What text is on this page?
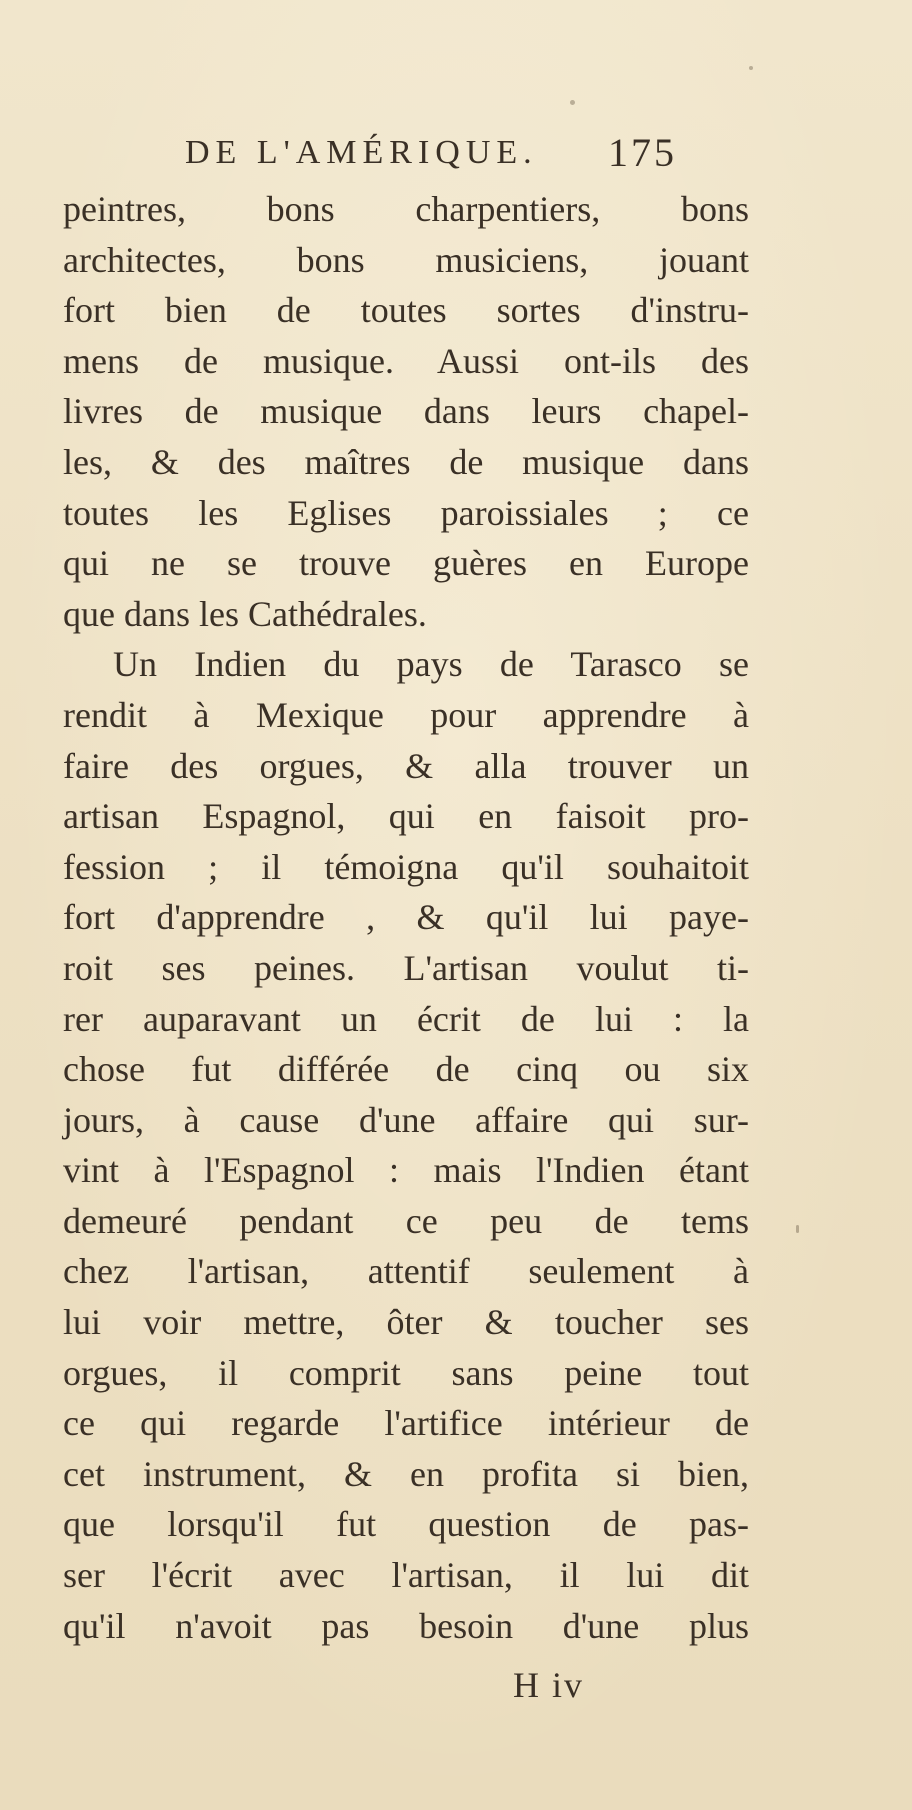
DE L'AMÉRIQUE. 175
peintres, bons charpentiers, bons
architectes, bons musiciens, jouant
fort bien de toutes sortes d'instru-
mens de musique. Aussi ont-ils des
livres de musique dans leurs chapel-
les, & des maîtres de musique dans
toutes les Eglises paroissiales ; ce
qui ne se trouve guères en Europe
que dans les Cathédrales.
Un Indien du pays de Tarasco se
rendit à Mexique pour apprendre à
faire des orgues, & alla trouver un
artisan Espagnol, qui en faisoit pro-
fession ; il témoigna qu'il souhaitoit
fort d'apprendre , & qu'il lui paye-
roit ses peines. L'artisan voulut ti-
rer auparavant un écrit de lui : la
chose fut différée de cinq ou six
jours, à cause d'une affaire qui sur-
vint à l'Espagnol : mais l'Indien étant
demeuré pendant ce peu de tems
chez l'artisan, attentif seulement à
lui voir mettre, ôter & toucher ses
orgues, il comprit sans peine tout
ce qui regarde l'artifice intérieur de
cet instrument, & en profita si bien,
que lorsqu'il fut question de pas-
ser l'écrit avec l'artisan, il lui dit
qu'il n'avoit pas besoin d'une plus
H iv
